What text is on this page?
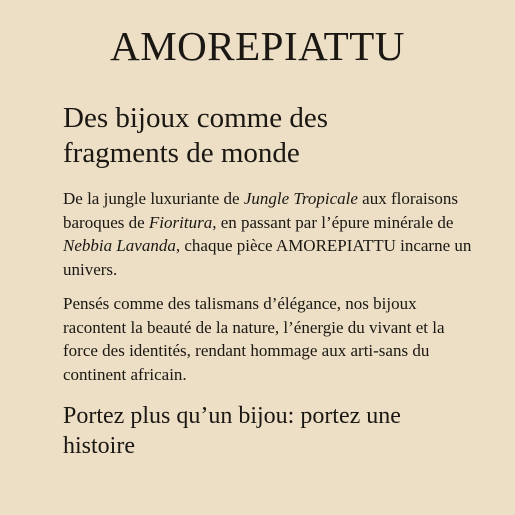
AMOREPIATTU
Des bijoux comme des
fragments de monde

De la jungle luxuriante de Jungle Tropicale aux floraisons baroques de Fioritura, en passant par l’épure minérale de Nebbia Lavanda, chaque pièce AMOREPIATTU incarne un univers.

Pensés comme des talismans d’élégance, nos bijoux racontent la beauté de la nature, l’énergie du vivant et la force des identités, rendant hommage aux arti-sans du continent africain.

Portez plus qu’un bijou: portez une
histoire
